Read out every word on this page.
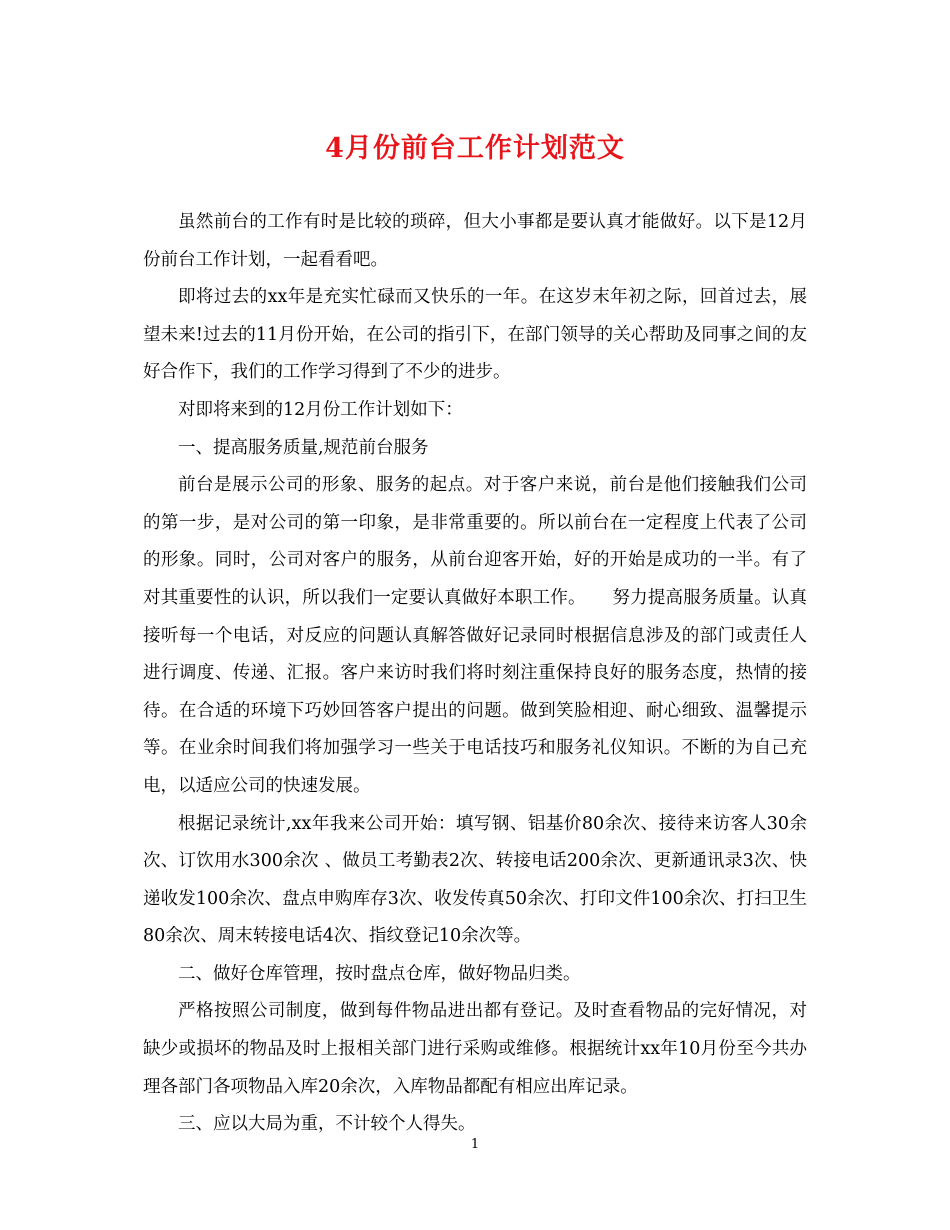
4月份前台工作计划范文

虽然前台的工作有时是比较的琐碎，但大小事都是要认真才能做好。以下是12月份前台工作计划，一起看看吧。

即将过去的xx年是充实忙碌而又快乐的一年。在这岁末年初之际，回首过去，展望未来!过去的11月份开始，在公司的指引下，在部门领导的关心帮助及同事之间的友好合作下，我们的工作学习得到了不少的进步。

对即将来到的12月份工作计划如下：

一、提高服务质量,规范前台服务

前台是展示公司的形象、服务的起点。对于客户来说，前台是他们接触我们公司的第一步，是对公司的第一印象，是非常重要的。所以前台在一定程度上代表了公司的形象。同时，公司对客户的服务，从前台迎客开始，好的开始是成功的一半。有了对其重要性的认识，所以我们一定要认真做好本职工作。　　努力提高服务质量。认真接听每一个电话，对反应的问题认真解答做好记录同时根据信息涉及的部门或责任人进行调度、传递、汇报。客户来访时我们将时刻注重保持良好的服务态度，热情的接待。在合适的环境下巧妙回答客户提出的问题。做到笑脸相迎、耐心细致、温馨提示等。在业余时间我们将加强学习一些关于电话技巧和服务礼仪知识。不断的为自己充电，以适应公司的快速发展。

根据记录统计,xx年我来公司开始：填写钢、铝基价80余次、接待来访客人30余次、订饮用水300余次 、做员工考勤表2次、转接电话200余次、更新通讯录3次、快递收发100余次、盘点申购库存3次、收发传真50余次、打印文件100余次、打扫卫生80余次、周末转接电话4次、指纹登记10余次等。

二、做好仓库管理，按时盘点仓库，做好物品归类。

严格按照公司制度，做到每件物品进出都有登记。及时查看物品的完好情况，对缺少或损坏的物品及时上报相关部门进行采购或维修。根据统计xx年10月份至今共办理各部门各项物品入库20余次，入库物品都配有相应出库记录。

三、应以大局为重，不计较个人得失。

1
